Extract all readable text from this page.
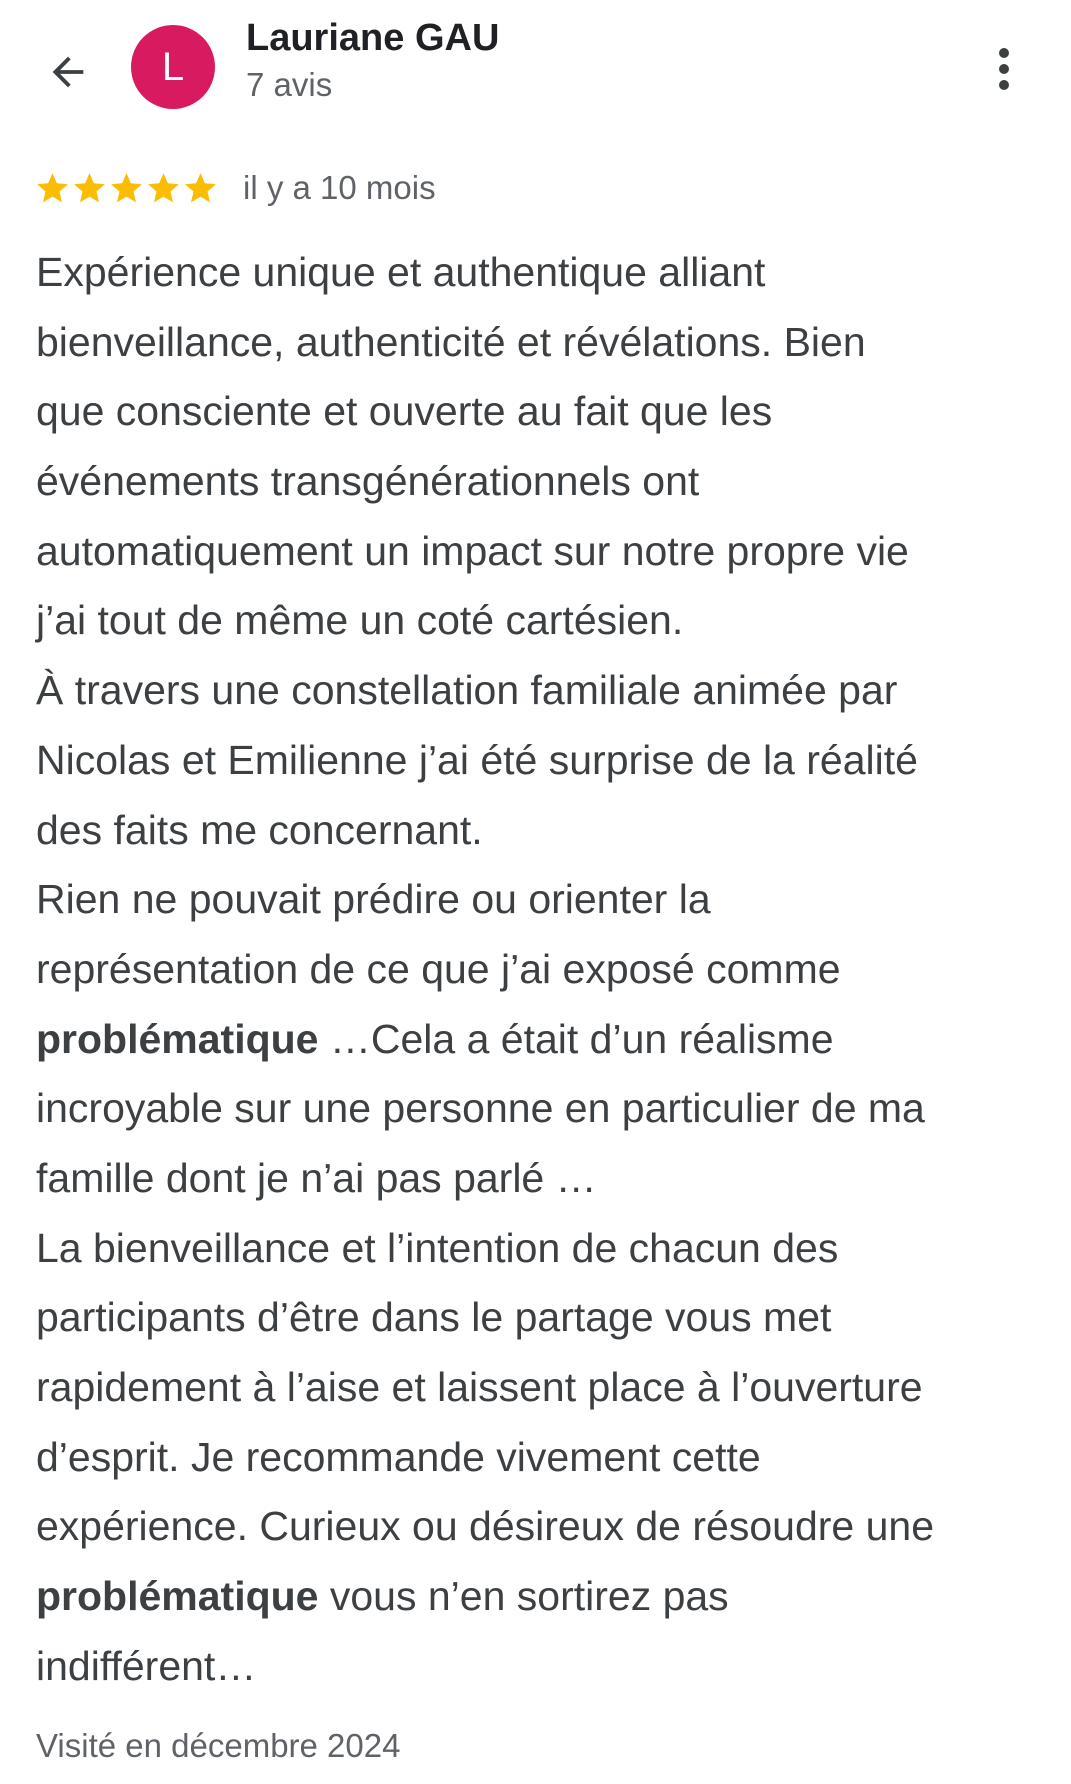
L
Lauriane GAU
7 avis
il y a 10 mois
Expérience unique et authentique alliant
bienveillance, authenticité et révélations. Bien
que consciente et ouverte au fait que les
événements transgénérationnels ont
automatiquement un impact sur notre propre vie
j’ai tout de même un coté cartésien.
À travers une constellation familiale animée par
Nicolas et Emilienne j’ai été surprise de la réalité
des faits me concernant.
Rien ne pouvait prédire ou orienter la
représentation de ce que j’ai exposé comme
problématique …Cela a était d’un réalisme
incroyable sur une personne en particulier de ma
famille dont je n’ai pas parlé …
La bienveillance et l’intention de chacun des
participants d’être dans le partage vous met
rapidement à l’aise et laissent place à l’ouverture
d’esprit. Je recommande vivement cette
expérience. Curieux ou désireux de résoudre une
problématique vous n’en sortirez pas
indifférent…
Visité en décembre 2024
